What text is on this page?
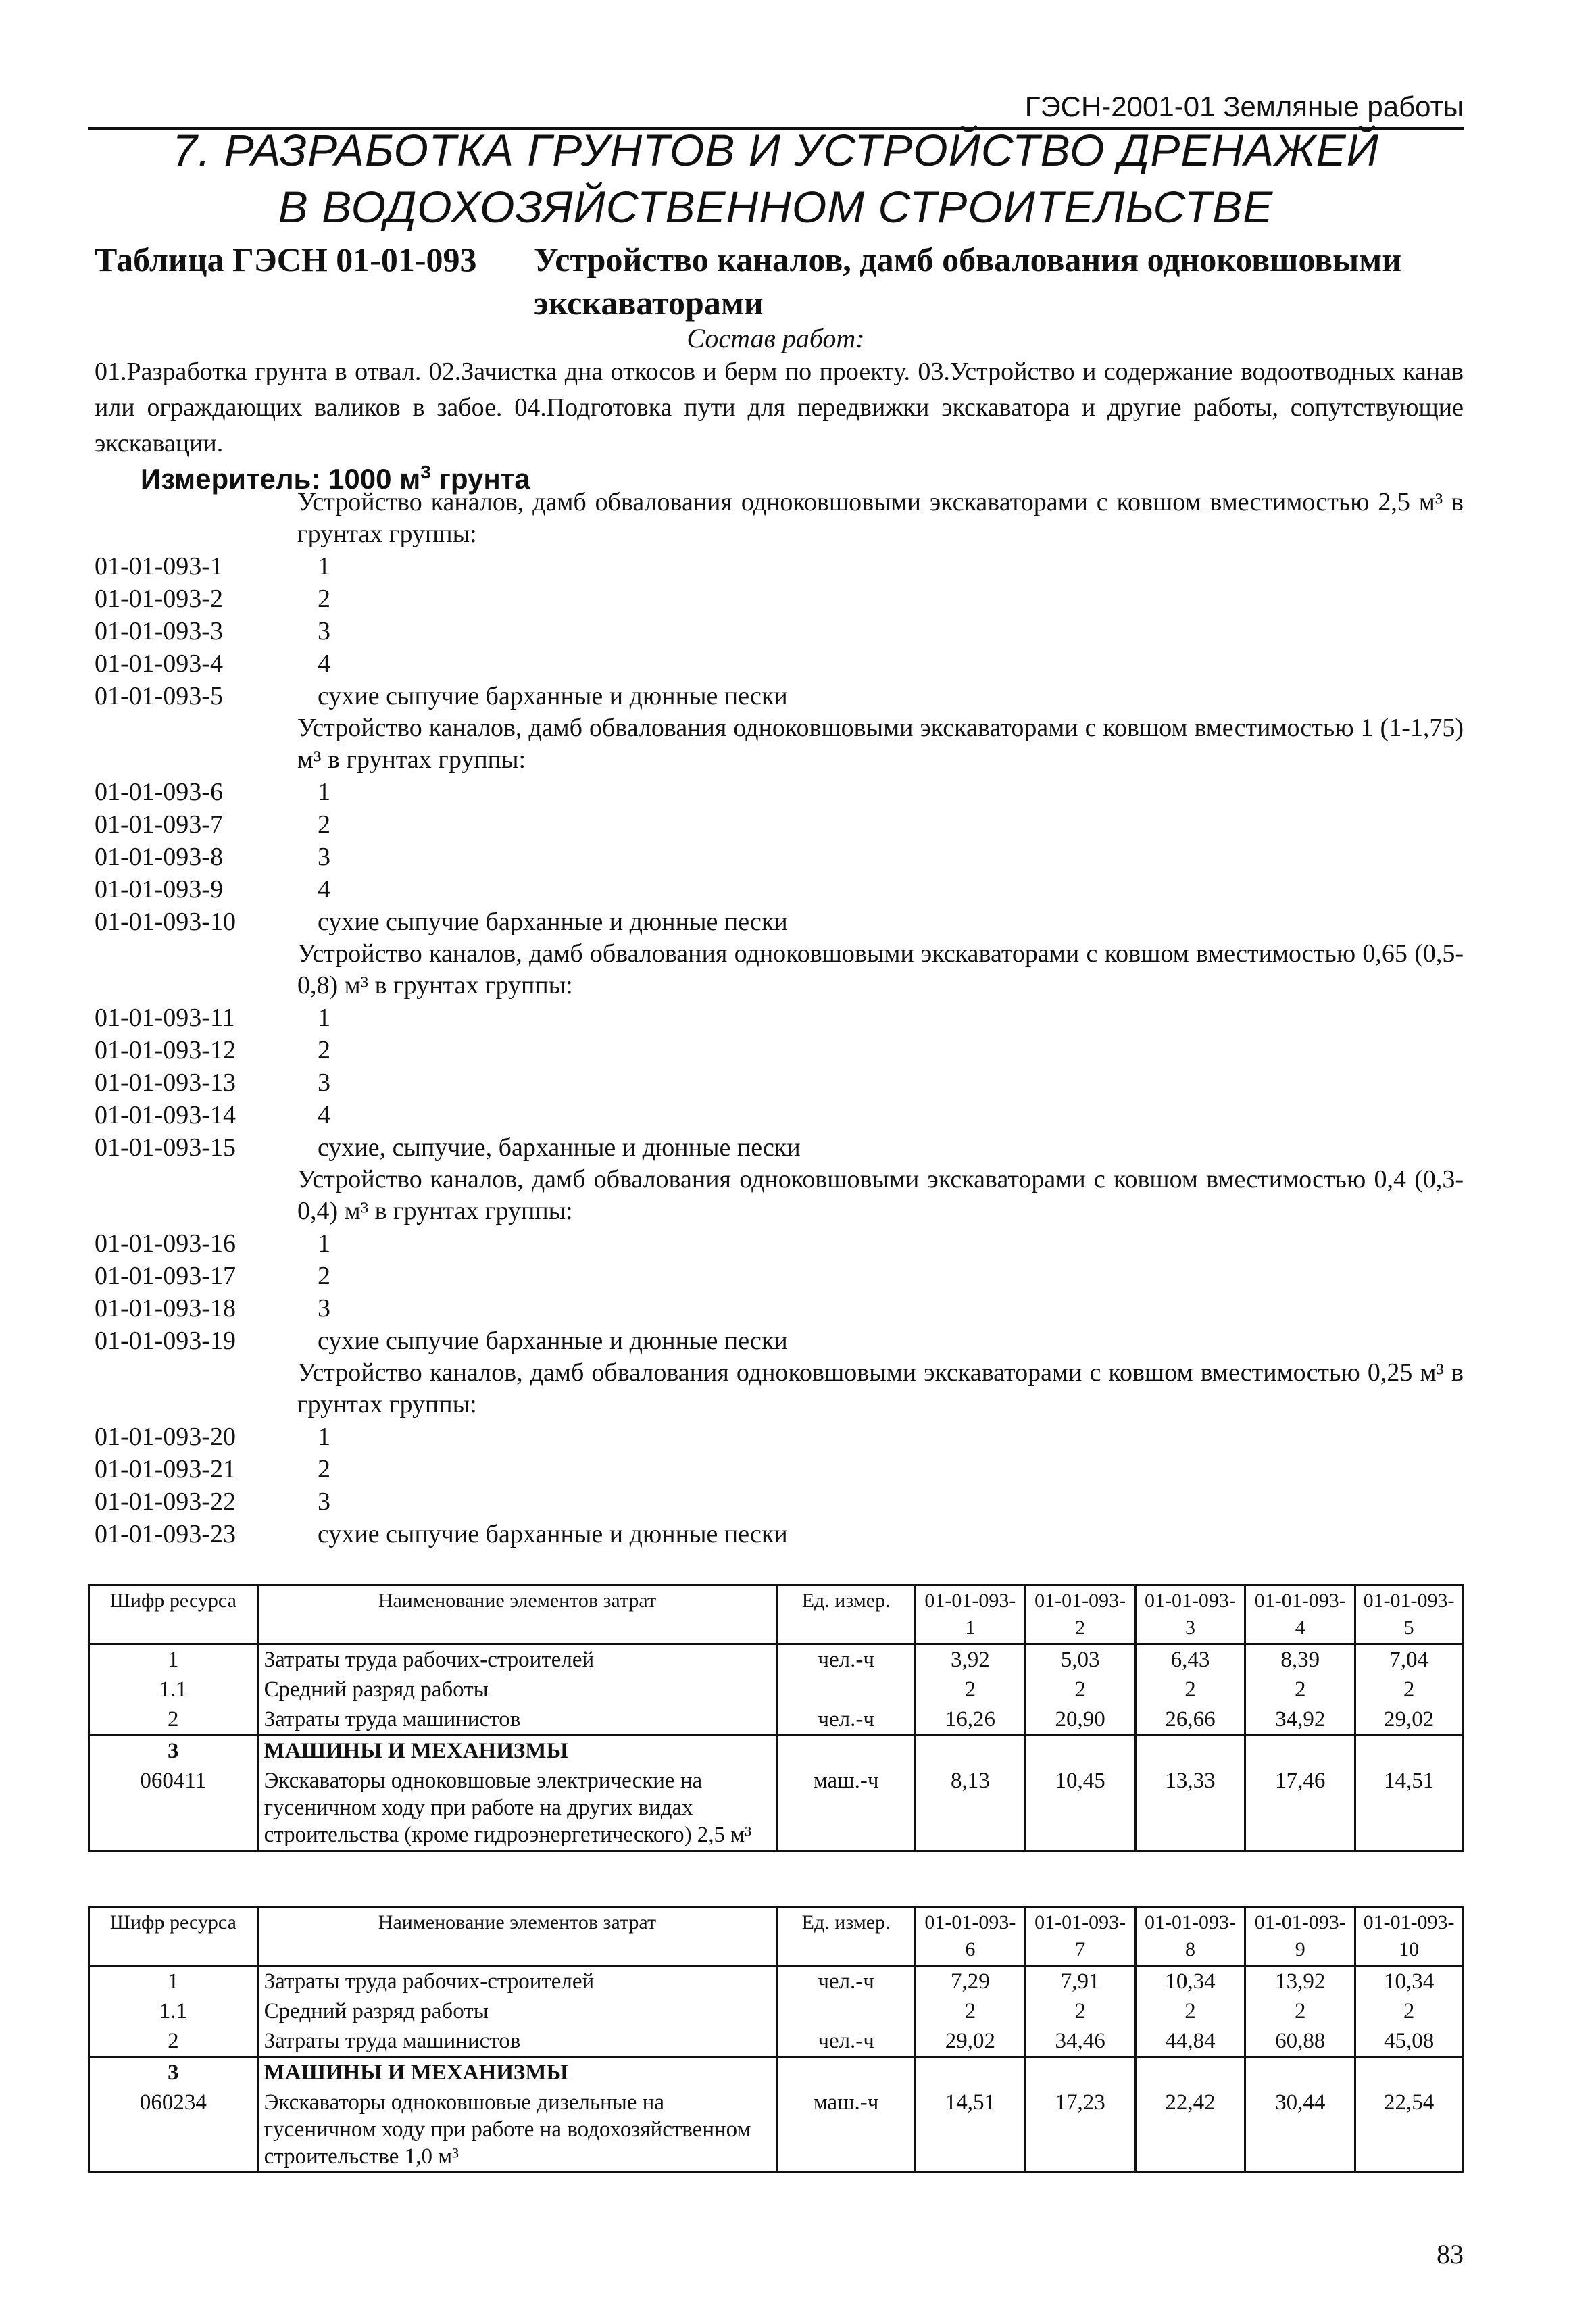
ГЭСН-2001-01 Земляные работы
7. РАЗРАБОТКА ГРУНТОВ И УСТРОЙСТВО ДРЕНАЖЕЙ
В ВОДОХОЗЯЙСТВЕННОМ СТРОИТЕЛЬСТВЕ
Таблица ГЭСН 01-01-093 Устройство каналов, дамб обвалования одноковшовыми экскаваторами
Состав работ:
01.Разработка грунта в отвал. 02.Зачистка дна откосов и берм по проекту. 03.Устройство и содержание водоотводных канав или ограждающих валиков в забое. 04.Подготовка пути для передвижки экскаватора и другие работы, сопутствующие экскавации.
Измеритель: 1000 $м^3$ грунта
Устройство каналов, дамб обвалования одноковшовыми экскаваторами с ковшом вместимостью 2,5 м³ в грунтах группы:
01-01-093-1	1
01-01-093-2	2
01-01-093-3	3
01-01-093-4	4
01-01-093-5	сухие сыпучие барханные и дюнные пески
Устройство каналов, дамб обвалования одноковшовыми экскаваторами с ковшом вместимостью 1 (1-1,75) м³ в грунтах группы:
01-01-093-6	1
01-01-093-7	2
01-01-093-8	3
01-01-093-9	4
01-01-093-10	сухие сыпучие барханные и дюнные пески
Устройство каналов, дамб обвалования одноковшовыми экскаваторами с ковшом вместимостью 0,65 (0,5-0,8) м³ в грунтах группы:
01-01-093-11	1
01-01-093-12	2
01-01-093-13	3
01-01-093-14	4
01-01-093-15	сухие, сыпучие, барханные и дюнные пески
Устройство каналов, дамб обвалования одноковшовыми экскаваторами с ковшом вместимостью 0,4 (0,3-0,4) м³ в грунтах группы:
01-01-093-16	1
01-01-093-17	2
01-01-093-18	3
01-01-093-19	сухие сыпучие барханные и дюнные пески
Устройство каналов, дамб обвалования одноковшовыми экскаваторами с ковшом вместимостью 0,25 м³ в грунтах группы:
01-01-093-20	1
01-01-093-21	2
01-01-093-22	3
01-01-093-23	сухие сыпучие барханные и дюнные пески
Шифр ресурса	Наименование элементов затрат	Ед. измер.	01-01-093-1	01-01-093-2	01-01-093-3	01-01-093-4	01-01-093-5
1	Затраты труда рабочих-строителей	чел.-ч	3,92	5,03	6,43	8,39	7,04
1.1	Средний разряд работы		2	2	2	2	2
2	Затраты труда машинистов	чел.-ч	16,26	20,90	26,66	34,92	29,02
3	МАШИНЫ И МЕХАНИЗМЫ						
060411	Экскаваторы одноковшовые электрические на гусеничном ходу при работе на других видах строительства (кроме гидроэнергетического) 2,5 м³	маш.-ч	8,13	10,45	13,33	17,46	14,51
Шифр ресурса	Наименование элементов затрат	Ед. измер.	01-01-093-6	01-01-093-7	01-01-093-8	01-01-093-9	01-01-093-10
1	Затраты труда рабочих-строителей	чел.-ч	7,29	7,91	10,34	13,92	10,34
1.1	Средний разряд работы		2	2	2	2	2
2	Затраты труда машинистов	чел.-ч	29,02	34,46	44,84	60,88	45,08
3	МАШИНЫ И МЕХАНИЗМЫ						
060234	Экскаваторы одноковшовые дизельные на гусеничном ходу при работе на водохозяйственном строительстве 1,0 м³	маш.-ч	14,51	17,23	22,42	30,44	22,54
83
